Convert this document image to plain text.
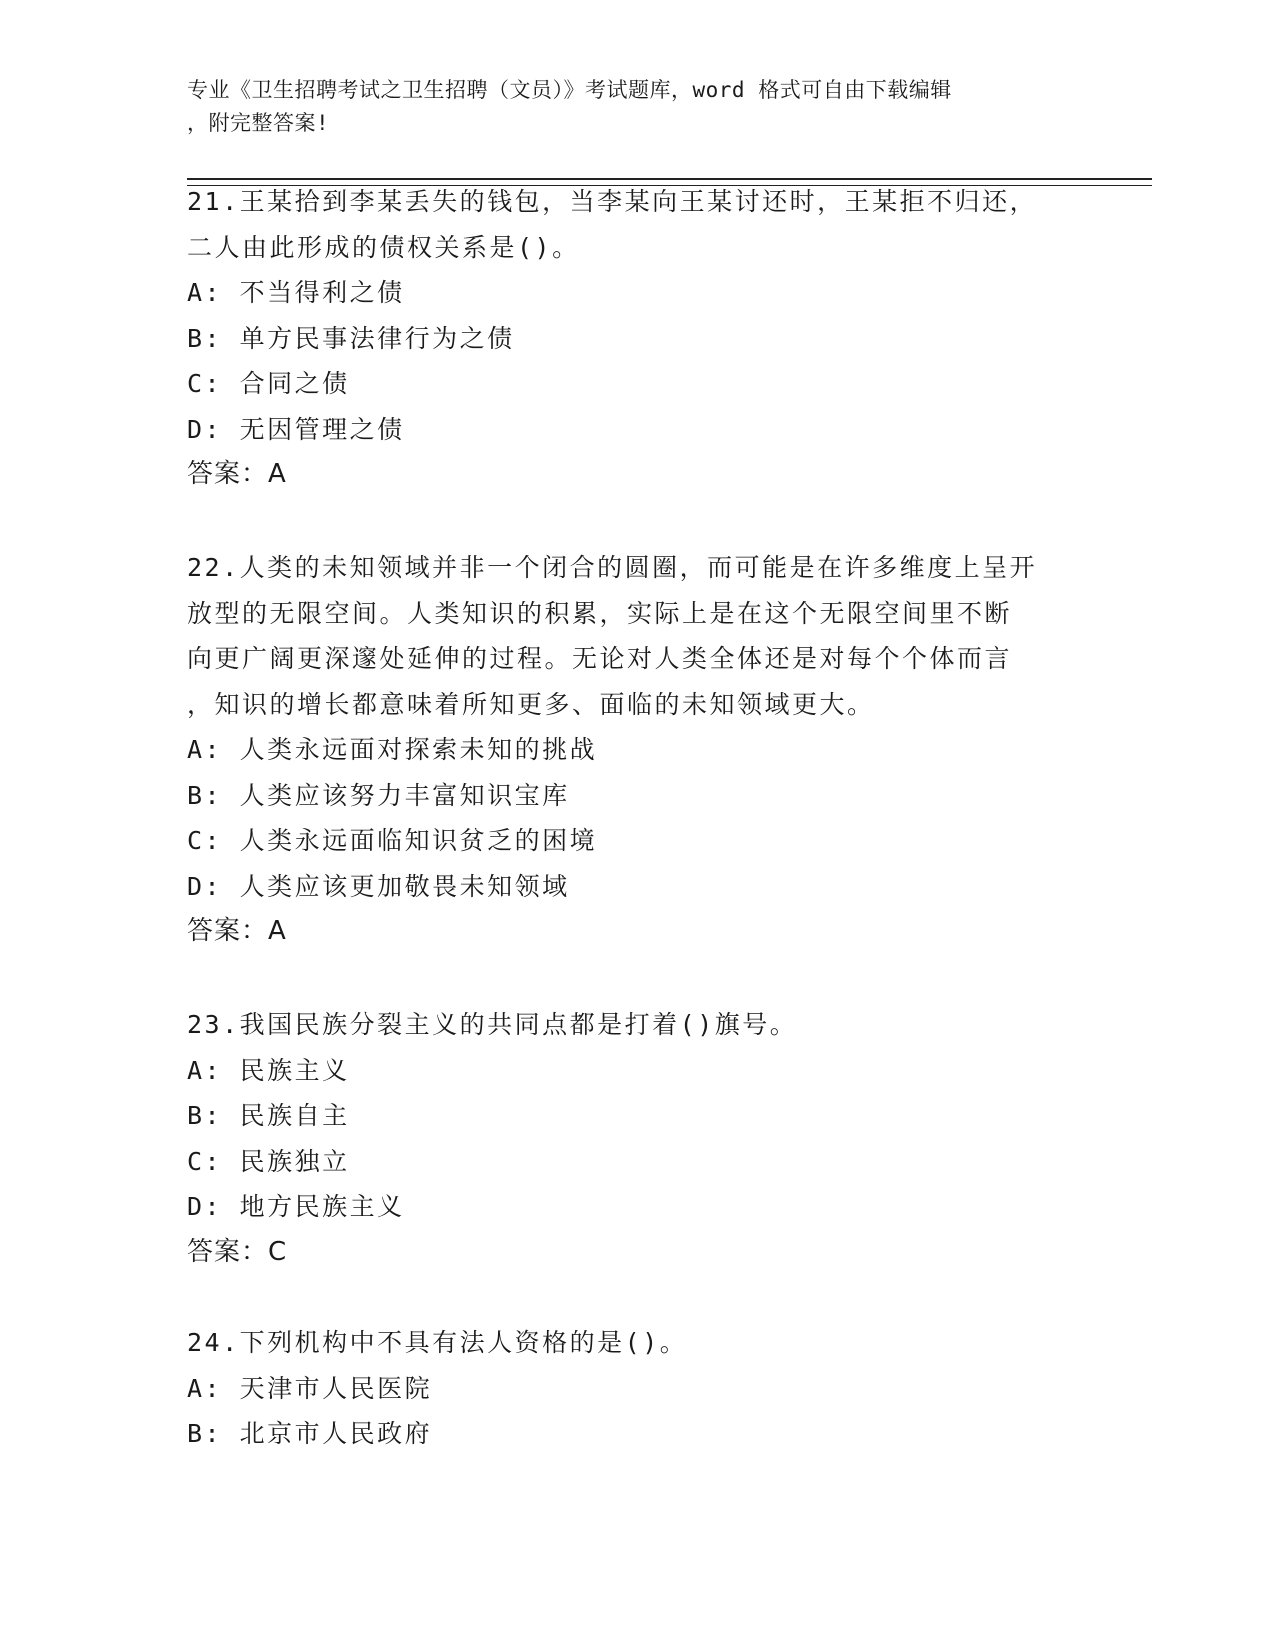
专业《卫生招聘考试之卫生招聘（文员）》考试题库，word 格式可自由下载编辑
，附完整答案!
21.王某拾到李某丢失的钱包，当李某向王某讨还时，王某拒不归还，
二人由此形成的债权关系是()。
A: 不当得利之债
B: 单方民事法律行为之债
C: 合同之债
D: 无因管理之债
答案：A
22.人类的未知领域并非一个闭合的圆圈，而可能是在许多维度上呈开
放型的无限空间。人类知识的积累，实际上是在这个无限空间里不断
向更广阔更深邃处延伸的过程。无论对人类全体还是对每个个体而言
，知识的增长都意味着所知更多、面临的未知领域更大。
A: 人类永远面对探索未知的挑战
B: 人类应该努力丰富知识宝库
C: 人类永远面临知识贫乏的困境
D: 人类应该更加敬畏未知领域
答案：A
23.我国民族分裂主义的共同点都是打着()旗号。
A: 民族主义
B: 民族自主
C: 民族独立
D: 地方民族主义
答案：C
24.下列机构中不具有法人资格的是()。
A: 天津市人民医院
B: 北京市人民政府
